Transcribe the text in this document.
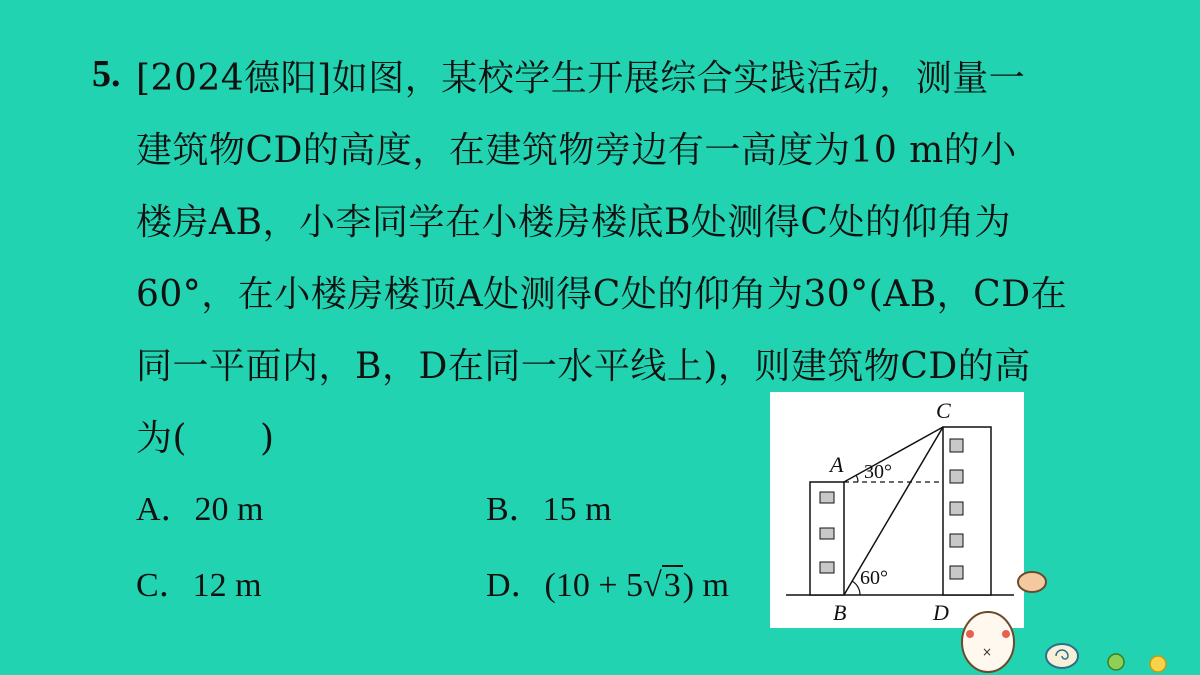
5. [2024德阳]如图，某校学生开展综合实践活动，测量一
建筑物CD的高度，在建筑物旁边有一高度为10 m的小
楼房AB，小李同学在小楼房楼底B处测得C处的仰角为
60°，在小楼房楼顶A处测得C处的仰角为30°(AB，CD在
同一平面内，B，D在同一水平线上)，则建筑物CD的高
为(　　)
A．20 m	B．15 m
C．12 m	D．(10 + 5√3) m
A
B
C
D
30°
60°
×
